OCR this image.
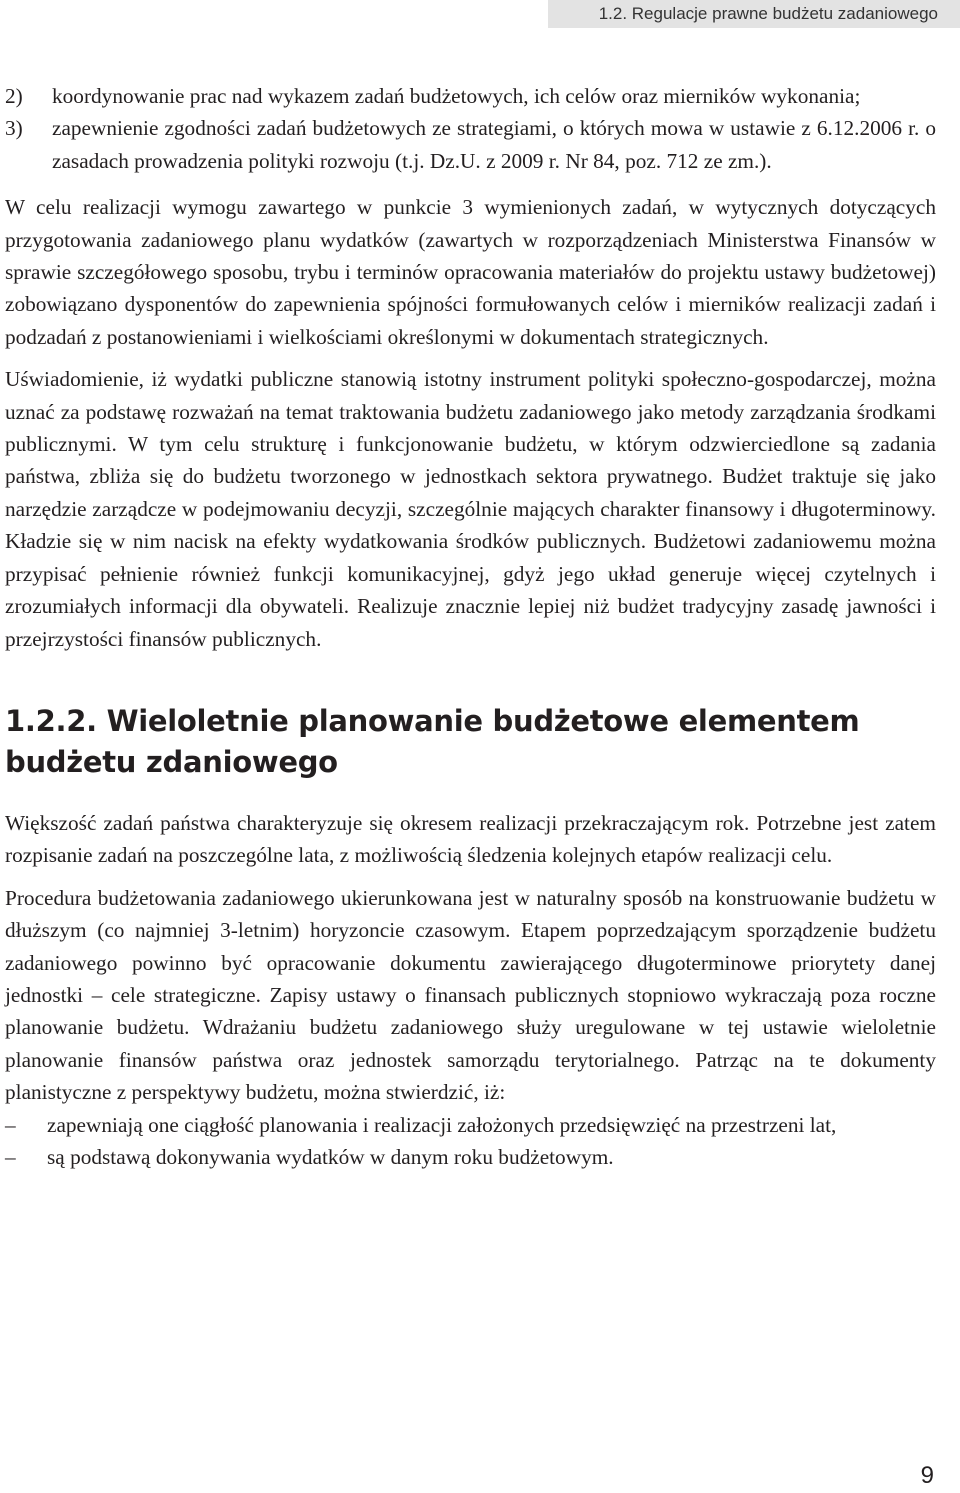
1.2. Regulacje prawne budżetu zadaniowego
2) koordynowanie prac nad wykazem zadań budżetowych, ich celów oraz mierników wykonania;
3) zapewnienie zgodności zadań budżetowych ze strategiami, o których mowa w ustawie z 6.12.2006 r. o zasadach prowadzenia polityki rozwoju (t.j. Dz.U. z 2009 r. Nr 84, poz. 712 ze zm.).

W celu realizacji wymogu zawartego w punkcie 3 wymienionych zadań, w wytycznych dotyczących przygotowania zadaniowego planu wydatków (zawartych w rozporządzeniach Ministerstwa Finansów w sprawie szczegółowego sposobu, trybu i terminów opracowania materiałów do projektu ustawy budżetowej) zobowiązano dysponentów do zapewnienia spójności formułowanych celów i mierników realizacji zadań i podzadań z postanowieniami i wielkościami określonymi w dokumentach strategicznych.

Uświadomienie, iż wydatki publiczne stanowią istotny instrument polityki społeczno-gospodarczej, można uznać za podstawę rozważań na temat traktowania budżetu zadaniowego jako metody zarządzania środkami publicznymi. W tym celu strukturę i funkcjonowanie budżetu, w którym odzwierciedlone są zadania państwa, zbliża się do budżetu tworzonego w jednostkach sektora prywatnego. Budżet traktuje się jako narzędzie zarządcze w podejmowaniu decyzji, szczególnie mających charakter finansowy i długoterminowy. Kładzie się w nim nacisk na efekty wydatkowania środków publicznych. Budżetowi zadaniowemu można przypisać pełnienie również funkcji komunikacyjnej, gdyż jego układ generuje więcej czytelnych i zrozumiałych informacji dla obywateli. Realizuje znacznie lepiej niż budżet tradycyjny zasadę jawności i przejrzystości finansów publicznych.

1.2.2. Wieloletnie planowanie budżetowe elementem
budżetu zdaniowego

Większość zadań państwa charakteryzuje się okresem realizacji przekraczającym rok. Potrzebne jest zatem rozpisanie zadań na poszczególne lata, z możliwością śledzenia kolejnych etapów realizacji celu.

Procedura budżetowania zadaniowego ukierunkowana jest w naturalny sposób na konstruowanie budżetu w dłuższym (co najmniej 3-letnim) horyzoncie czasowym. Etapem poprzedzającym sporządzenie budżetu zadaniowego powinno być opracowanie dokumentu zawierającego długoterminowe priorytety danej jednostki – cele strategiczne. Zapisy ustawy o finansach publicznych stopniowo wykraczają poza roczne planowanie budżetu. Wdrażaniu budżetu zadaniowego służy uregulowane w tej ustawie wieloletnie planowanie finansów państwa oraz jednostek samorządu terytorialnego. Patrząc na te dokumenty planistyczne z perspektywy budżetu, można stwierdzić, iż:

– zapewniają one ciągłość planowania i realizacji założonych przedsięwzięć na przestrzeni lat,
– są podstawą dokonywania wydatków w danym roku budżetowym.
9
